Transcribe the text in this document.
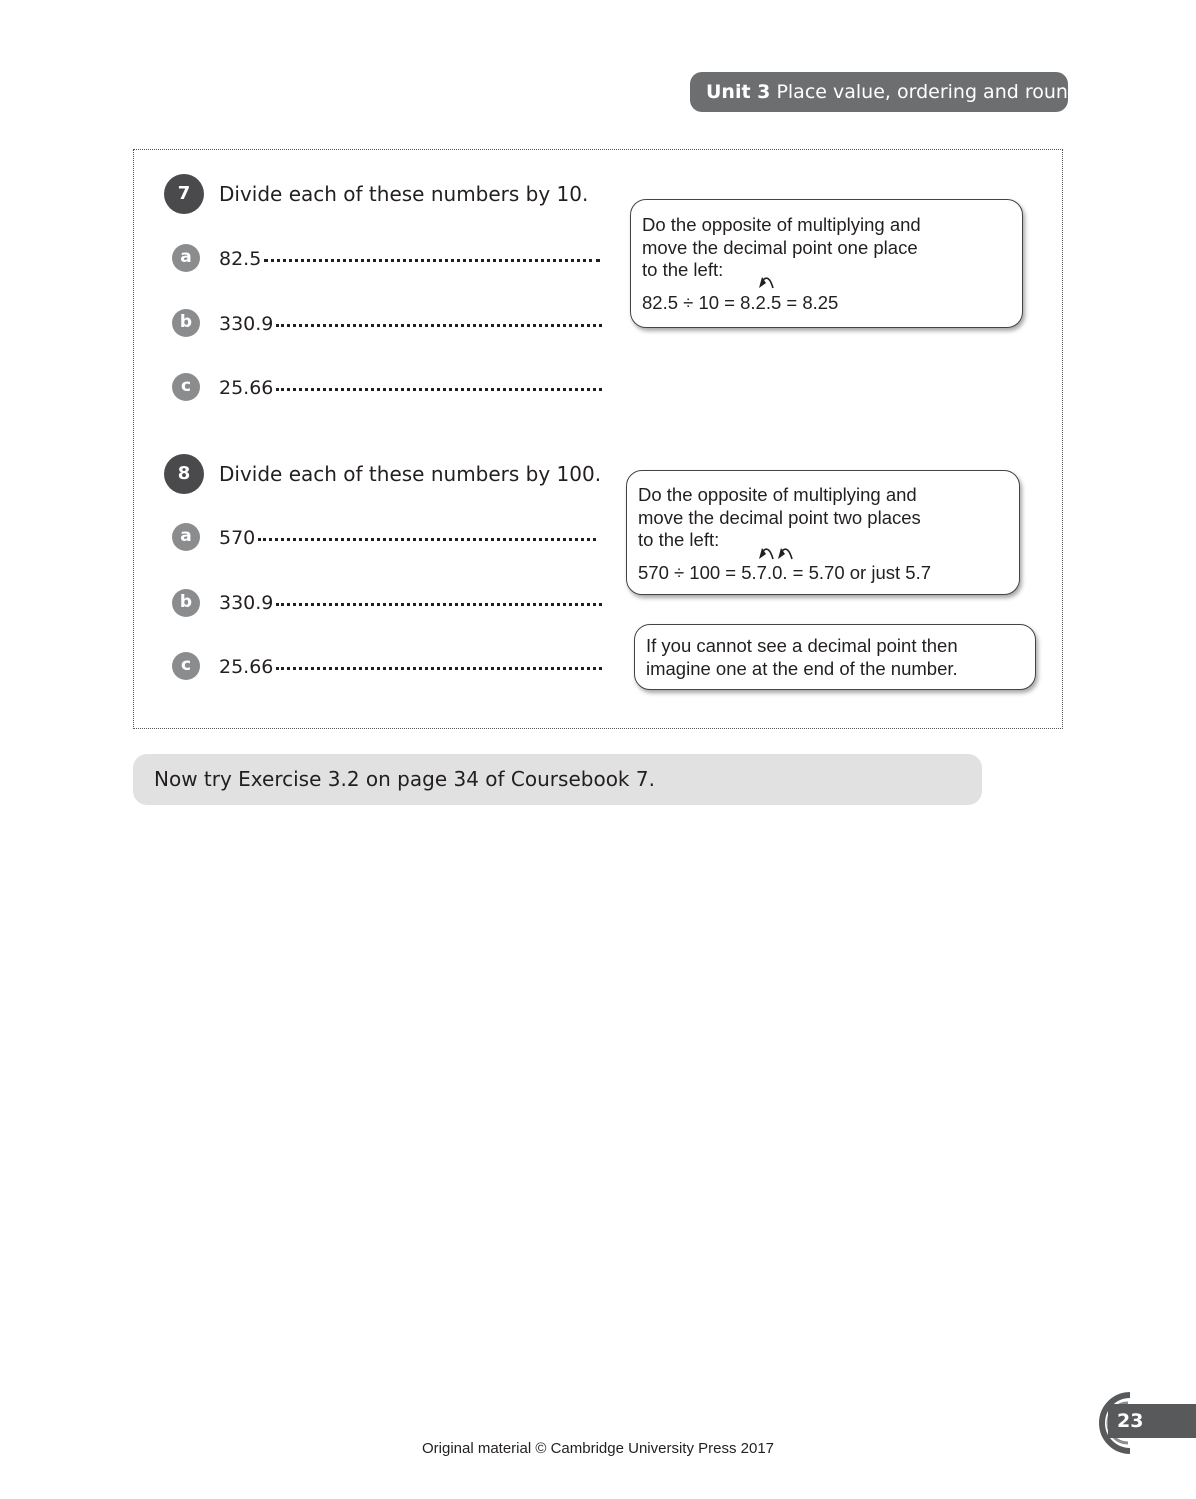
Unit 3 Place value, ordering and rounding
7	Divide each of these numbers by 10.
a	82.5
b	330.9
c	25.66
Do the opposite of multiplying and
move the decimal point one place
to the left:
82.5 ÷ 10 = 8.2.5 = 8.25
8	Divide each of these numbers by 100.
a	570
b	330.9
c	25.66
Do the opposite of multiplying and
move the decimal point two places
to the left:
570 ÷ 100 = 5.7.0. = 5.70 or just 5.7
If you cannot see a decimal point then
imagine one at the end of the number.
Now try Exercise 3.2 on page 34 of Coursebook 7.
23
Original material © Cambridge University Press 2017
